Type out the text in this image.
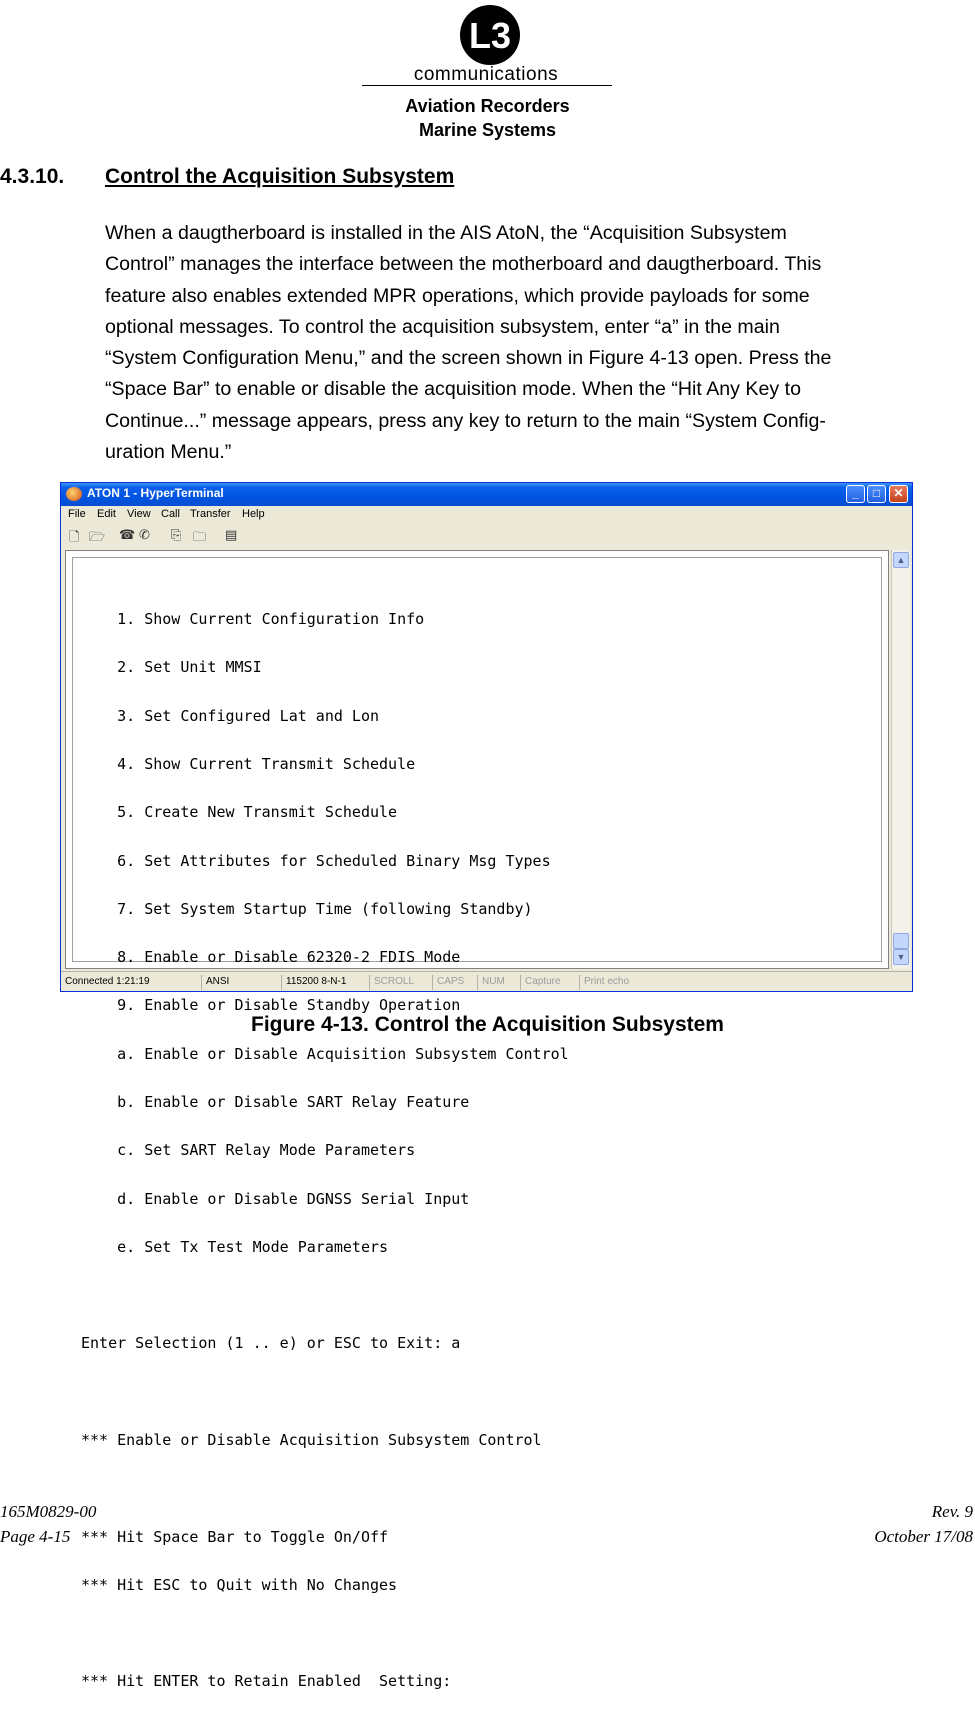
L3
communications
Aviation Recorders
Marine Systems
4.3.10. Control the Acquisition Subsystem
When a daugtherboard is installed in the AIS AtoN, the “Acquisition Subsystem
Control” manages the interface between the motherboard and daugtherboard. This
feature also enables extended MPR operations, which provide payloads for some
optional messages. To control the acquisition subsystem, enter “a” in the main
“System Configuration Menu,” and the screen shown in Figure 4-13 open. Press the
“Space Bar” to enable or disable the acquisition mode. When the “Hit Any Key to
Continue...” message appears, press any key to return to the main “System Config-
uration Menu.”
ATON 1 - HyperTerminal	_	□	✕
File Edit View Call Transfer Help
🗋 🗁 ☎ ✆ ⎘ 🗀 ▤

1. Show Current Configuration Info

2. Set Unit MMSI

3. Set Configured Lat and Lon

4. Show Current Transmit Schedule

5. Create New Transmit Schedule

6. Set Attributes for Scheduled Binary Msg Types

7. Set System Startup Time (following Standby)

8. Enable or Disable 62320-2 FDIS Mode

9. Enable or Disable Standby Operation

a. Enable or Disable Acquisition Subsystem Control

b. Enable or Disable SART Relay Feature

c. Set SART Relay Mode Parameters

d. Enable or Disable DGNSS Serial Input

e. Set Tx Test Mode Parameters

Enter Selection (1 .. e) or ESC to Exit: a

*** Enable or Disable Acquisition Subsystem Control

*** Hit Space Bar to Toggle On/Off

*** Hit ESC to Quit with No Changes

*** Hit ENTER to Retain Enabled  Setting:

▲
▼
Connected 1:21:19	ANSI	115200 8-N-1	SCROLL	CAPS	NUM	Capture	Print echo
Figure 4-13. Control the Acquisition Subsystem
165M0829-00
Page 4-15
Rev. 9
October 17/08
